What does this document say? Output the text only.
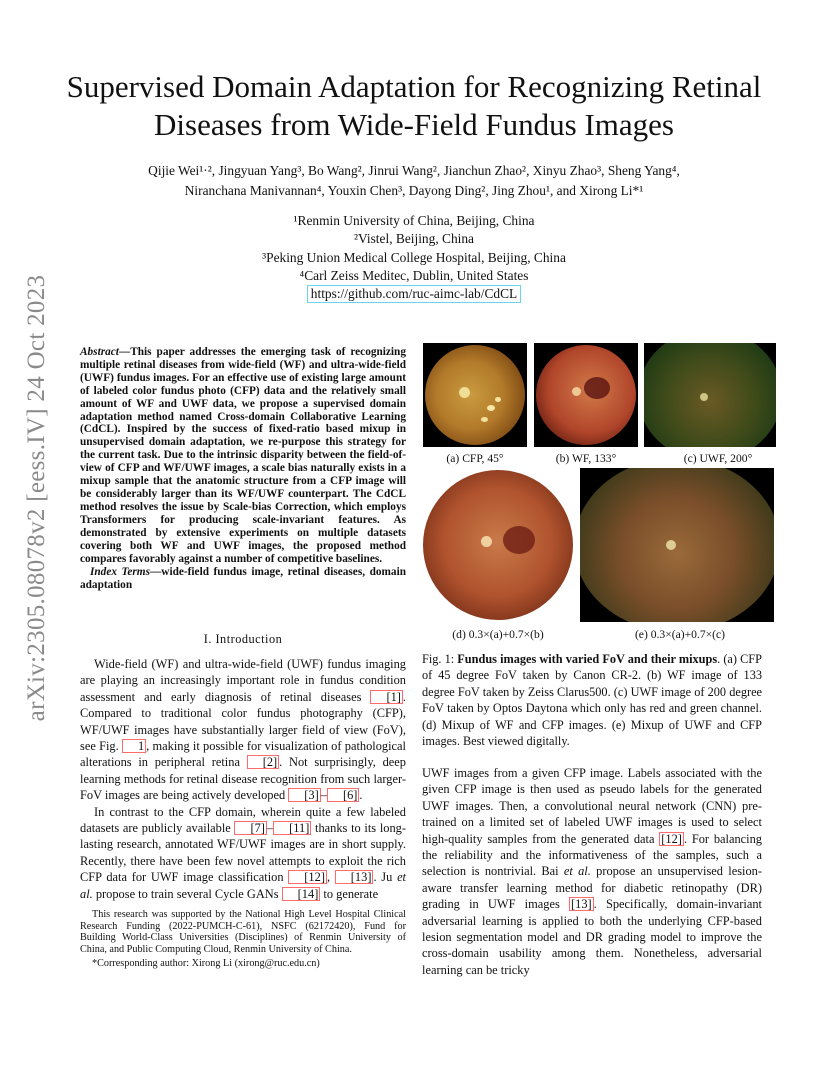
arXiv:2305.08078v2 [eess.IV] 24 Oct 2023
Supervised Domain Adaptation for Recognizing Retinal Diseases from Wide-Field Fundus Images
Qijie Wei¹·², Jingyuan Yang³, Bo Wang², Jinrui Wang², Jianchun Zhao², Xinyu Zhao³, Sheng Yang⁴,
Niranchana Manivannan⁴, Youxin Chen³, Dayong Ding², Jing Zhou¹, and Xirong Li*¹
¹Renmin University of China, Beijing, China
²Vistel, Beijing, China
³Peking Union Medical College Hospital, Beijing, China
⁴Carl Zeiss Meditec, Dublin, United States
https://github.com/ruc-aimc-lab/CdCL
Abstract—This paper addresses the emerging task of recognizing multiple retinal diseases from wide-field (WF) and ultra-wide-field (UWF) fundus images. For an effective use of existing large amount of labeled color fundus photo (CFP) data and the relatively small amount of WF and UWF data, we propose a supervised domain adaptation method named Cross-domain Collaborative Learning (CdCL). Inspired by the success of fixed-ratio based mixup in unsupervised domain adaptation, we re-purpose this strategy for the current task. Due to the intrinsic disparity between the field-of-view of CFP and WF/UWF images, a scale bias naturally exists in a mixup sample that the anatomic structure from a CFP image will be considerably larger than its WF/UWF counterpart. The CdCL method resolves the issue by Scale-bias Correction, which employs Transformers for producing scale-invariant features. As demonstrated by extensive experiments on multiple datasets covering both WF and UWF images, the proposed method compares favorably against a number of competitive baselines.
Index Terms—wide-field fundus image, retinal diseases, domain adaptation
I. Introduction

Wide-field (WF) and ultra-wide-field (UWF) fundus imaging are playing an increasingly important role in fundus condition assessment and early diagnosis of retinal diseases [1] . Compared to traditional color fundus photography (CFP), WF/UWF images have substantially larger field of view (FoV), see Fig. 1 , making it possible for visualization of pathological alterations in peripheral retina [2] . Not surprisingly, deep learning methods for retinal disease recognition from such larger-FoV images are being actively developed [3] – [6] .

In contrast to the CFP domain, wherein quite a few labeled datasets are publicly available [7] – [11] thanks to its long-lasting research, annotated WF/UWF images are in short supply. Recently, there have been few novel attempts to exploit the rich CFP data for UWF image classification [12] , [13] . Ju et al. propose to train several Cycle GANs [14] to generate

This research was supported by the National High Level Hospital Clinical Research Funding (2022-PUMCH-C-61), NSFC (62172420), Fund for Building World-Class Universities (Disciplines) of Renmin University of China, and Public Computing Cloud, Renmin University of China.

*Corresponding author: Xirong Li (xirong@ruc.edu.cn)

(a) CFP, 45°	(b) WF, 133°	(c) UWF, 200°
(d) 0.3×(a)+0.7×(b)	(e) 0.3×(a)+0.7×(c)
Fig. 1: Fundus images with varied FoV and their mixups. (a) CFP of 45 degree FoV taken by Canon CR-2. (b) WF image of 133 degree FoV taken by Zeiss Clarus500. (c) UWF image of 200 degree FoV taken by Optos Daytona which only has red and green channel. (d) Mixup of WF and CFP images. (e) Mixup of UWF and CFP images. Best viewed digitally.

UWF images from a given CFP image. Labels associated with the given CFP image is then used as pseudo labels for the generated UWF images. Then, a convolutional neural network (CNN) pre-trained on a limited set of labeled UWF images is used to select high-quality samples from the generated data [12] . For balancing the reliability and the informativeness of the samples, such a selection is nontrivial. Bai et al. propose an unsupervised lesion-aware transfer learning method for diabetic retinopathy (DR) grading in UWF images [13] . Specifically, domain-invariant adversarial learning is applied to both the underlying CFP-based lesion segmentation model and DR grading model to improve the cross-domain usability among them. Nonetheless, adversarial learning can be tricky
